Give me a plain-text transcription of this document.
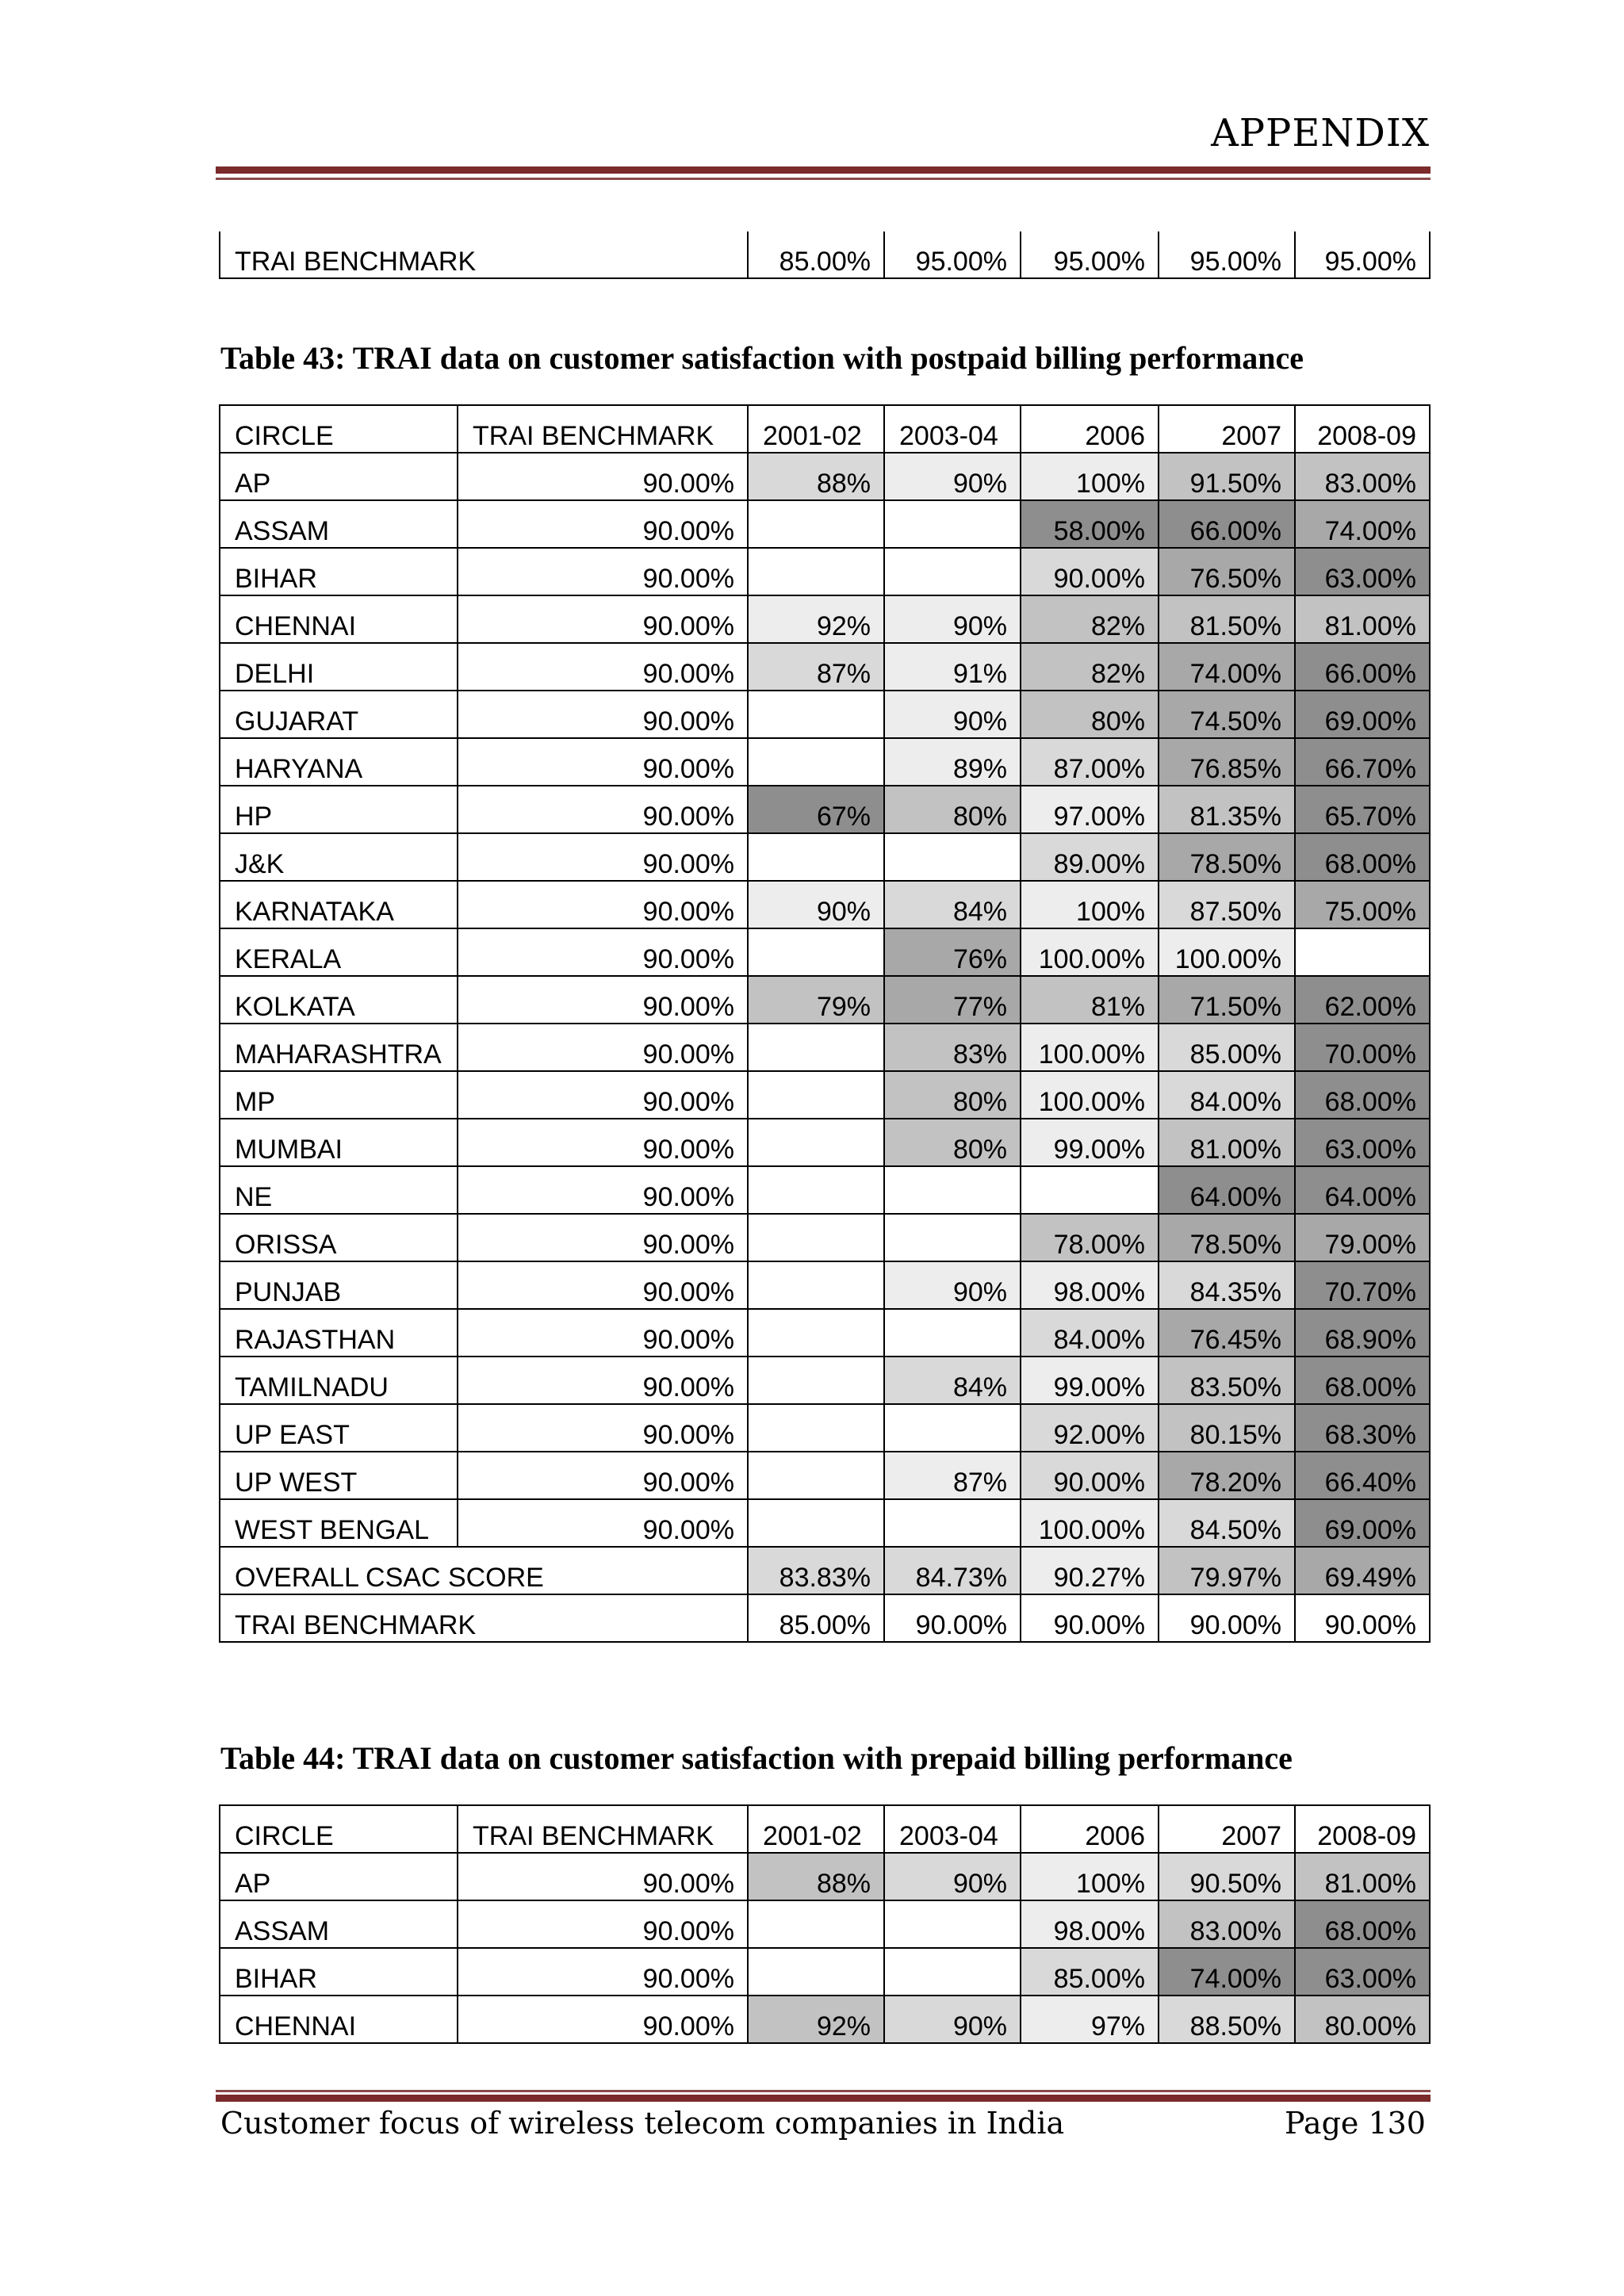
APPENDIX
TRAI BENCHMARK	85.00%	95.00%	95.00%	95.00%	95.00%
Table 43: TRAI data on customer satisfaction with postpaid billing performance
CIRCLE	TRAI BENCHMARK	2001-02	2003-04	2006	2007	2008-09
AP	90.00%	88%	90%	100%	91.50%	83.00%
ASSAM	90.00%			58.00%	66.00%	74.00%
BIHAR	90.00%			90.00%	76.50%	63.00%
CHENNAI	90.00%	92%	90%	82%	81.50%	81.00%
DELHI	90.00%	87%	91%	82%	74.00%	66.00%
GUJARAT	90.00%		90%	80%	74.50%	69.00%
HARYANA	90.00%		89%	87.00%	76.85%	66.70%
HP	90.00%	67%	80%	97.00%	81.35%	65.70%
J&K	90.00%			89.00%	78.50%	68.00%
KARNATAKA	90.00%	90%	84%	100%	87.50%	75.00%
KERALA	90.00%		76%	100.00%	100.00%	
KOLKATA	90.00%	79%	77%	81%	71.50%	62.00%
MAHARASHTRA	90.00%		83%	100.00%	85.00%	70.00%
MP	90.00%		80%	100.00%	84.00%	68.00%
MUMBAI	90.00%		80%	99.00%	81.00%	63.00%
NE	90.00%				64.00%	64.00%
ORISSA	90.00%			78.00%	78.50%	79.00%
PUNJAB	90.00%		90%	98.00%	84.35%	70.70%
RAJASTHAN	90.00%			84.00%	76.45%	68.90%
TAMILNADU	90.00%		84%	99.00%	83.50%	68.00%
UP EAST	90.00%			92.00%	80.15%	68.30%
UP WEST	90.00%		87%	90.00%	78.20%	66.40%
WEST BENGAL	90.00%			100.00%	84.50%	69.00%
OVERALL CSAC SCORE		83.83%	84.73%	90.27%	79.97%	69.49%
TRAI BENCHMARK		85.00%	90.00%	90.00%	90.00%	90.00%
Table 44: TRAI data on customer satisfaction with prepaid billing performance
CIRCLE	TRAI BENCHMARK	2001-02	2003-04	2006	2007	2008-09
AP	90.00%	88%	90%	100%	90.50%	81.00%
ASSAM	90.00%			98.00%	83.00%	68.00%
BIHAR	90.00%			85.00%	74.00%	63.00%
CHENNAI	90.00%	92%	90%	97%	88.50%	80.00%
Customer focus of wireless telecom companies in India	Page 130
